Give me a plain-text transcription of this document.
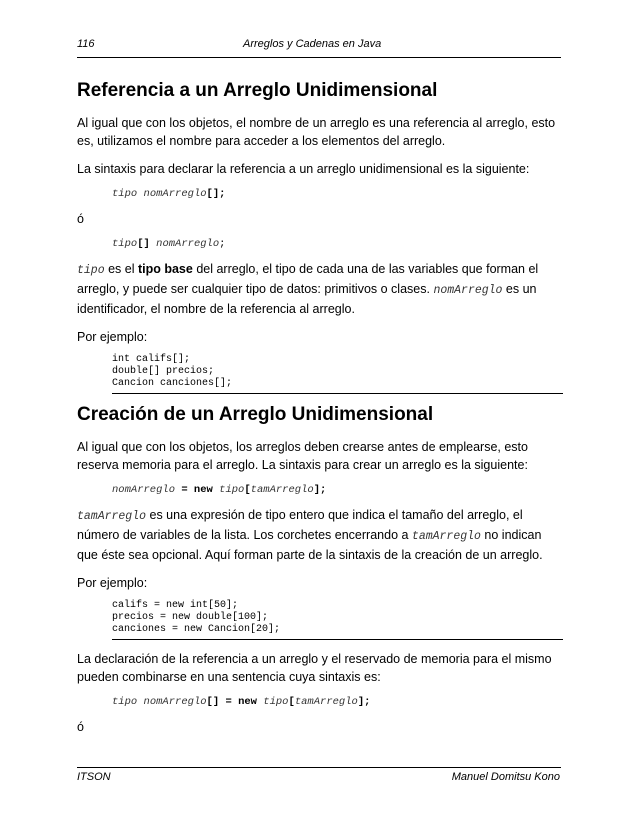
116	Arreglos y Cadenas en Java
Referencia a un Arreglo Unidimensional

Al igual que con los objetos, el nombre de un arreglo es una referencia al arreglo, esto es, utilizamos el nombre para acceder a los elementos del arreglo.

La sintaxis para declarar la referencia a un arreglo unidimensional es la siguiente:

tipo nomArreglo[];

ó

tipo[] nomArreglo;

tipo es el tipo base del arreglo, el tipo de cada una de las variables que forman el arreglo, y puede ser cualquier tipo de datos: primitivos o clases. nomArreglo es un identificador, el nombre de la referencia al arreglo.

Por ejemplo:

int califs[];
double[] precios;
Cancion canciones[];
Creación de un Arreglo Unidimensional

Al igual que con los objetos, los arreglos deben crearse antes de emplearse, esto reserva memoria para el arreglo. La sintaxis para crear un arreglo es la siguiente:

nomArreglo = new tipo[tamArreglo];

tamArreglo es una expresión de tipo entero que indica el tamaño del arreglo, el número de variables de la lista. Los corchetes encerrando a tamArreglo no indican que éste sea opcional. Aquí forman parte de la sintaxis de la creación de un arreglo.

Por ejemplo:

califs = new int[50];
precios = new double[100];
canciones = new Cancion[20];

La declaración de la referencia a un arreglo y el reservado de memoria para el mismo pueden combinarse en una sentencia cuya sintaxis es:

tipo nomArreglo[] = new tipo[tamArreglo];

ó

ITSON	Manuel Domitsu Kono
